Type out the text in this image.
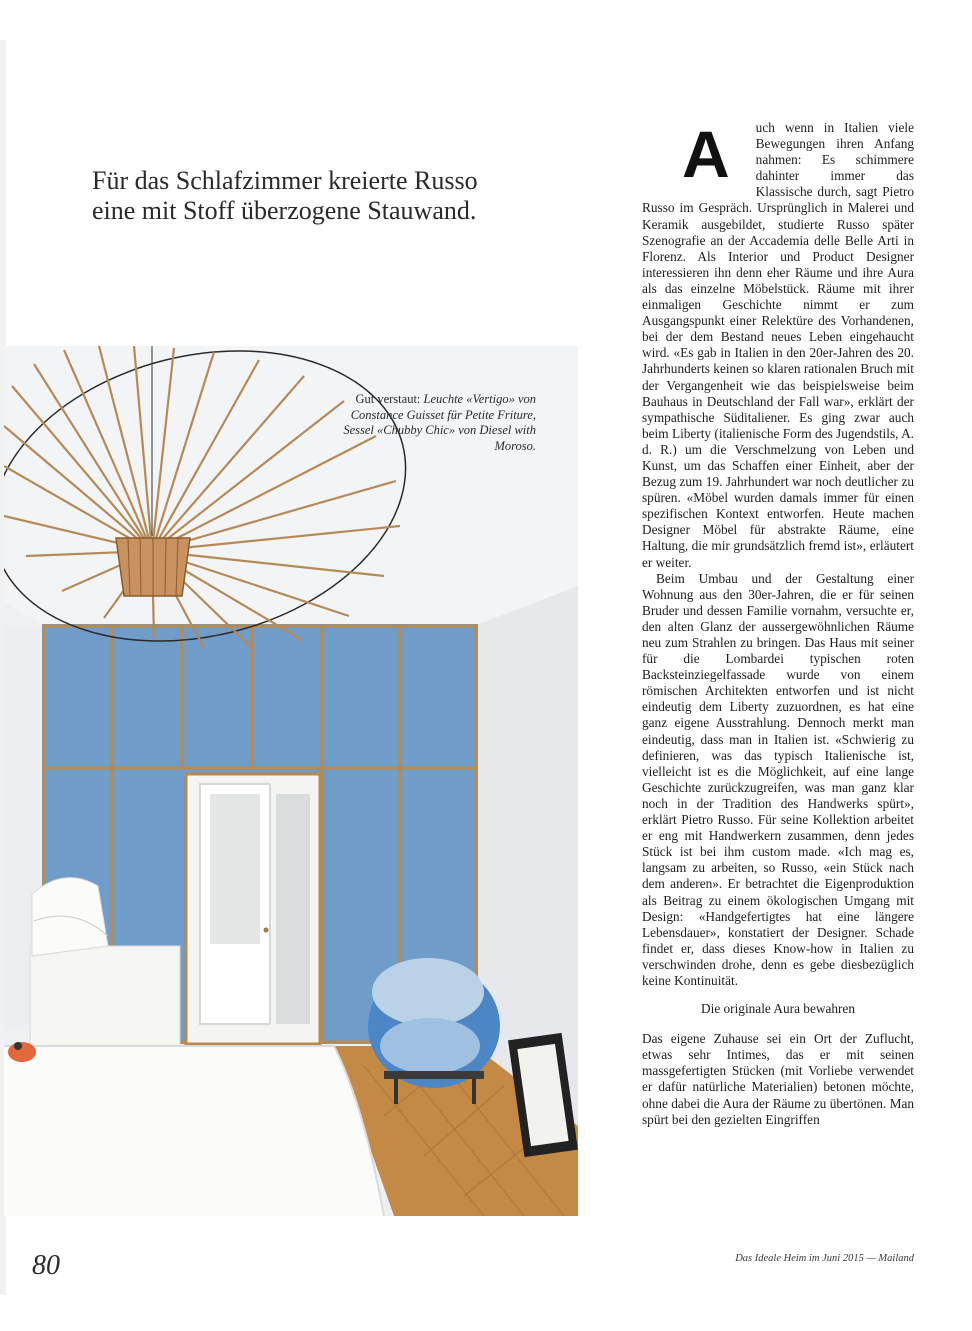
Für das Schlafzimmer kreierte Russo
eine mit Stoff überzogene Stauwand.
Gut verstaut: Leuchte «Vertigo» von Constance Guisset für Petite Friture, Sessel «Chubby Chic» von Diesel with Moroso.
A	uch wenn in Italien viele Bewegungen ihren Anfang nahmen: Es schimmere dahinter immer das Klassische durch, sagt Pietro Russo im Gespräch. Ursprünglich in Malerei und Keramik ausgebildet, studierte Russo später Szenografie an der Accademia delle Belle Arti in Florenz. Als Interior und Product Designer interessieren ihn denn eher Räume und ihre Aura als das einzelne Möbelstück. Räume mit ihrer einmaligen Geschichte nimmt er zum Ausgangspunkt einer Relektüre des Vorhandenen, bei der dem Bestand neues Leben eingehaucht wird. «Es gab in Italien in den 20er-Jahren des 20. Jahrhunderts keinen so klaren rationalen Bruch mit der Vergangenheit wie das beispielsweise beim Bauhaus in Deutschland der Fall war», erklärt der sympathische Süditaliener. Es ging zwar auch beim Liberty (italienische Form des Jugendstils, A. d. R.) um die Verschmelzung von Leben und Kunst, um das Schaffen einer Einheit, aber der Bezug zum 19. Jahrhundert war noch deutlicher zu spüren. «Möbel wurden damals immer für einen spezifischen Kontext entworfen. Heute machen Designer Möbel für abstrakte Räume, eine Haltung, die mir grundsätzlich fremd ist», erläutert er weiter.

Beim Umbau und der Gestaltung einer Wohnung aus den 30er-Jahren, die er für seinen Bruder und dessen Familie vornahm, versuchte er, den alten Glanz der aussergewöhnlichen Räume neu zum Strahlen zu bringen. Das Haus mit seiner für die Lombardei typischen roten Backsteinziegelfassade wurde von einem römischen Architekten entworfen und ist nicht eindeutig dem Liberty zuzuordnen, es hat eine ganz eigene Ausstrahlung. Dennoch merkt man eindeutig, dass man in Italien ist. «Schwierig zu definieren, was das typisch Italienische ist, vielleicht ist es die Möglichkeit, auf eine lange Geschichte zurückzugreifen, was man ganz klar noch in der Tradition des Handwerks spürt», erklärt Pietro Russo. Für seine Kollektion arbeitet er eng mit Handwerkern zusammen, denn jedes Stück ist bei ihm custom made. «Ich mag es, langsam zu arbeiten, so Russo, «ein Stück nach dem anderen». Er betrachtet die Eigenproduktion als Beitrag zu einem ökologischen Umgang mit Design: «Handgefertigtes hat eine längere Lebensdauer», konstatiert der Designer. Schade findet er, dass dieses Know-how in Italien zu verschwinden drohe, denn es gebe diesbezüglich keine Kontinuität.

Die originale Aura bewahren

Das eigene Zuhause sei ein Ort der Zuflucht, etwas sehr Intimes, das er mit seinen massgefertigten Stücken (mit Vorliebe verwendet er dafür natürliche Materialien) betonen möchte, ohne dabei die Aura der Räume zu übertönen. Man spürt bei den gezielten Eingriffen

80	Das Ideale Heim im Juni 2015 — Mailand
